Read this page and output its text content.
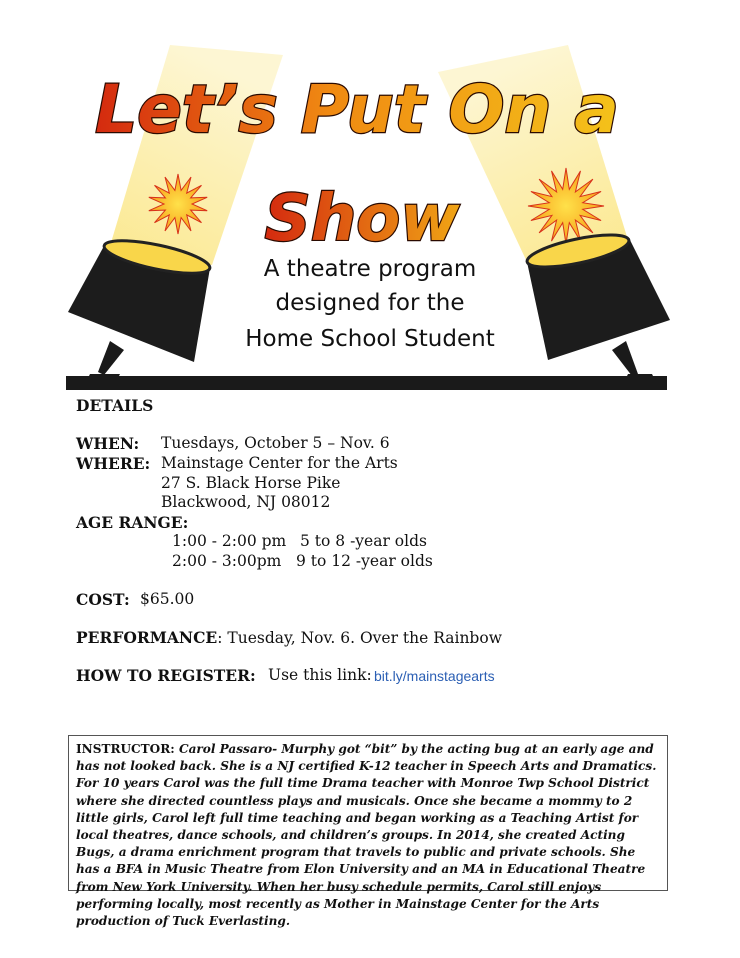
Let’s Put On a
Show
A theatre program
designed for the
Home School Student
DETAILS
WHEN: Tuesdays, October 5 – Nov. 6
WHERE: Mainstage Center for the Arts
27 S. Black Horse Pike
Blackwood, NJ 08012
AGE RANGE:
1:00 - 2:00 pm 5 to 8 -year olds
2:00 - 3:00pm 9 to 12 -year olds
COST: $65.00
PERFORMANCE: Tuesday, Nov. 6. Over the Rainbow
HOW TO REGISTER: Use this link: bit.ly/mainstagearts
INSTRUCTOR: Carol Passaro- Murphy got “bit” by the acting bug at an early age and has not looked back. She is a NJ certified K-12 teacher in Speech Arts and Dramatics. For 10 years Carol was the full time Drama teacher with Monroe Twp School District where she directed countless plays and musicals. Once she became a mommy to 2 little girls, Carol left full time teaching and began working as a Teaching Artist for local theatres, dance schools, and children’s groups. In 2014, she created Acting Bugs, a drama enrichment program that travels to public and private schools. She has a BFA in Music Theatre from Elon University and an MA in Educational Theatre from New York University. When her busy schedule permits, Carol still enjoys performing locally, most recently as Mother in Mainstage Center for the Arts production of Tuck Everlasting.
